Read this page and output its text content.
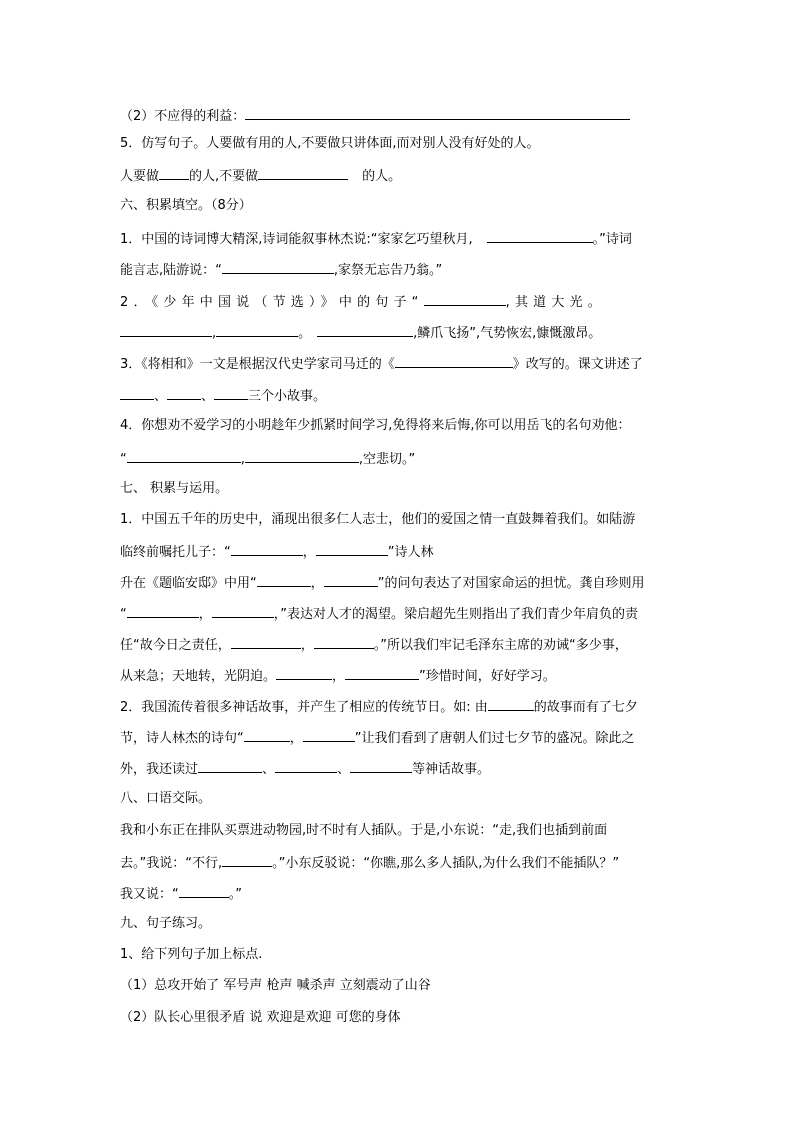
（2）不应得的利益：
5．仿写句子。人要做有用的人,不要做只讲体面,而对别人没有好处的人。
人要做 的人,不要做	的人。
六、积累填空。（8分）
1．中国的诗词博大精深,诗词能叙事林杰说:“家家乞巧望秋月,	。”诗词
能言志,陆游说：“	,家祭无忘告乃翁。”
2．《少年中国说（节选）》中的句子“	,其道大光。
,	。	,鳞爪飞扬”,气势恢宏,慷慨激昂。
3．《将相和》一文是根据汉代史学家司马迁的《	》改写的。课文讲述了
、	、	三个小故事。
4．你想劝不爱学习的小明趁年少抓紧时间学习,免得将来后悔,你可以用岳飞的名句劝他：
“	,	,空悲切。”
七、 积累与运用。
1．中国五千年的历史中，涌现出很多仁人志士，他们的爱国之情一直鼓舞着我们。如陆游
临终前嘱托儿子：“	，	”诗人林
升在《题临安邸》中用“	，	”的问句表达了对国家命运的担忧。龚自珍则用
“	，	，”表达对人才的渴望。梁启超先生则指出了我们青少年肩负的责
任“故今日之责任，	，	。”所以我们牢记毛泽东主席的劝诫“多少事，
从来急；天地转，光阴迫。	，	”珍惜时间，好好学习。
2．我国流传着很多神话故事，并产生了相应的传统节日。如: 由	的故事而有了七夕
节，诗人林杰的诗句“	，	”让我们看到了唐朝人们过七夕节的盛况。除此之
外，我还读过	、	、	等神话故事。
八、口语交际。
我和小东正在排队买票进动物园,时不时有人插队。于是,小东说：“走,我们也插到前面
去。”我说：“不行,	。”小东反驳说：“你瞧,那么多人插队,为什么我们不能插队？”
我又说：“	。”
九、句子练习。
1、给下列句子加上标点.
（1）总攻开始了 军号声 枪声 喊杀声 立刻震动了山谷
（2）队长心里很矛盾 说 欢迎是欢迎 可您的身体
